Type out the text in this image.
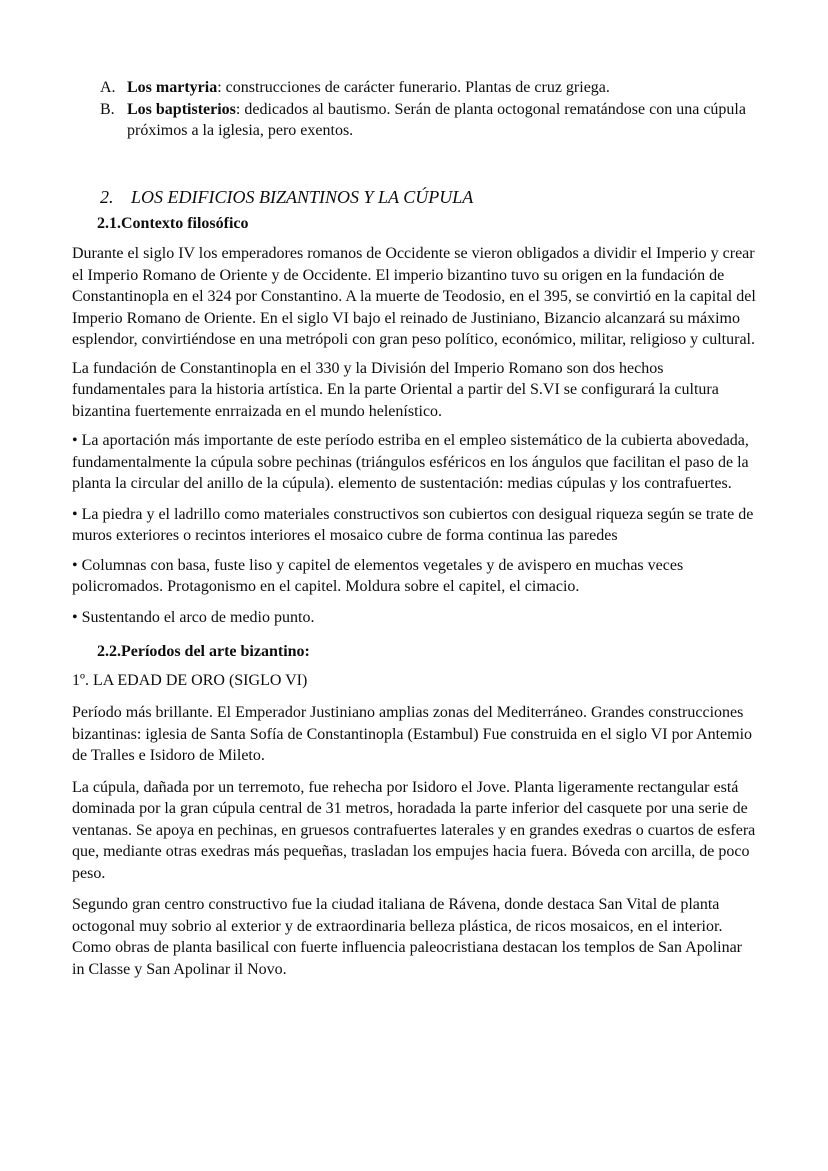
A. Los martyria: construcciones de carácter funerario. Plantas de cruz griega.
B. Los baptisterios: dedicados al bautismo. Serán de planta octogonal rematándose con una cúpula próximos a la iglesia, pero exentos.
2. LOS EDIFICIOS BIZANTINOS Y LA CÚPULA
2.1.Contexto filosófico

Durante el siglo IV los emperadores romanos de Occidente se vieron obligados a dividir el Imperio y crear el Imperio Romano de Oriente y de Occidente. El imperio bizantino tuvo su origen en la fundación de Constantinopla en el 324 por Constantino. A la muerte de Teodosio, en el 395, se convirtió en la capital del Imperio Romano de Oriente. En el siglo VI bajo el reinado de Justiniano, Bizancio alcanzará su máximo esplendor, convirtiéndose en una metrópoli con gran peso político, económico, militar, religioso y cultural.

La fundación de Constantinopla en el 330 y la División del Imperio Romano son dos hechos fundamentales para la historia artística. En la parte Oriental a partir del S.VI se configurará la cultura bizantina fuertemente enrraizada en el mundo helenístico.

• La aportación más importante de este período estriba en el empleo sistemático de la cubierta abovedada, fundamentalmente la cúpula sobre pechinas (triángulos esféricos en los ángulos que facilitan el paso de la planta la circular del anillo de la cúpula). elemento de sustentación: medias cúpulas y los contrafuertes.

• La piedra y el ladrillo como materiales constructivos son cubiertos con desigual riqueza según se trate de muros exteriores o recintos interiores el mosaico cubre de forma continua las paredes

• Columnas con basa, fuste liso y capitel de elementos vegetales y de avispero en muchas veces policromados. Protagonismo en el capitel. Moldura sobre el capitel, el cimacio.

• Sustentando el arco de medio punto.

2.2.Períodos del arte bizantino:

1º. LA EDAD DE ORO (SIGLO VI)

Período más brillante. El Emperador Justiniano amplias zonas del Mediterráneo. Grandes construcciones bizantinas: iglesia de Santa Sofía de Constantinopla (Estambul) Fue construida en el siglo VI por Antemio de Tralles e Isidoro de Mileto.

La cúpula, dañada por un terremoto, fue rehecha por Isidoro el Jove. Planta ligeramente rectangular está dominada por la gran cúpula central de 31 metros, horadada la parte inferior del casquete por una serie de ventanas. Se apoya en pechinas, en gruesos contrafuertes laterales y en grandes exedras o cuartos de esfera que, mediante otras exedras más pequeñas, trasladan los empujes hacia fuera. Bóveda con arcilla, de poco peso.

Segundo gran centro constructivo fue la ciudad italiana de Rávena, donde destaca San Vital de planta octogonal muy sobrio al exterior y de extraordinaria belleza plástica, de ricos mosaicos, en el interior. Como obras de planta basilical con fuerte influencia paleocristiana destacan los templos de San Apolinar in Classe y San Apolinar il Novo.
